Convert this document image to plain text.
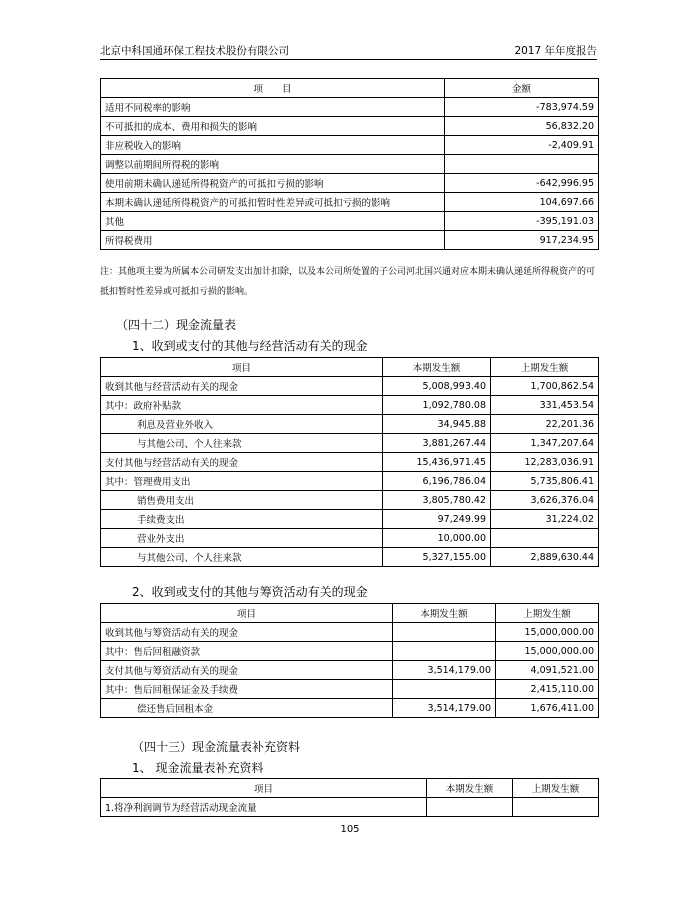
北京中科国通环保工程技术股份有限公司	2017 年年度报告
项　　目	金额
适用不同税率的影响	-783,974.59
不可抵扣的成本、费用和损失的影响	56,832.20
非应税收入的影响	-2,409.91
调整以前期间所得税的影响	
使用前期未确认递延所得税资产的可抵扣亏损的影响	-642,996.95
本期未确认递延所得税资产的可抵扣暂时性差异或可抵扣亏损的影响	104,697.66
其他	-395,191.03
所得税费用	917,234.95
注：其他项主要为所属本公司研发支出加计扣除，以及本公司所处置的子公司河北国兴通对应本期未确认递延所得税资产的可抵扣暂时性差异或可抵扣亏损的影响。
（四十二）现金流量表
1、收到或支付的其他与经营活动有关的现金
项目	本期发生额	上期发生额
收到其他与经营活动有关的现金	5,008,993.40	1,700,862.54
其中：政府补贴款	1,092,780.08	331,453.54
利息及营业外收入	34,945.88	22,201.36
与其他公司、个人往来款	3,881,267.44	1,347,207.64
支付其他与经营活动有关的现金	15,436,971.45	12,283,036.91
其中：管理费用支出	6,196,786.04	5,735,806.41
销售费用支出	3,805,780.42	3,626,376.04
手续费支出	97,249.99	31,224.02
营业外支出	10,000.00	
与其他公司、个人往来款	5,327,155.00	2,889,630.44
2、收到或支付的其他与筹资活动有关的现金
项目	本期发生额	上期发生额
收到其他与筹资活动有关的现金		15,000,000.00
其中：售后回租融资款		15,000,000.00
支付其他与筹资活动有关的现金	3,514,179.00	4,091,521.00
其中：售后回租保证金及手续费		2,415,110.00
偿还售后回租本金	3,514,179.00	1,676,411.00
（四十三）现金流量表补充资料
1、 现金流量表补充资料
项目	本期发生额	上期发生额
1.将净利润调节为经营活动现金流量		
105
